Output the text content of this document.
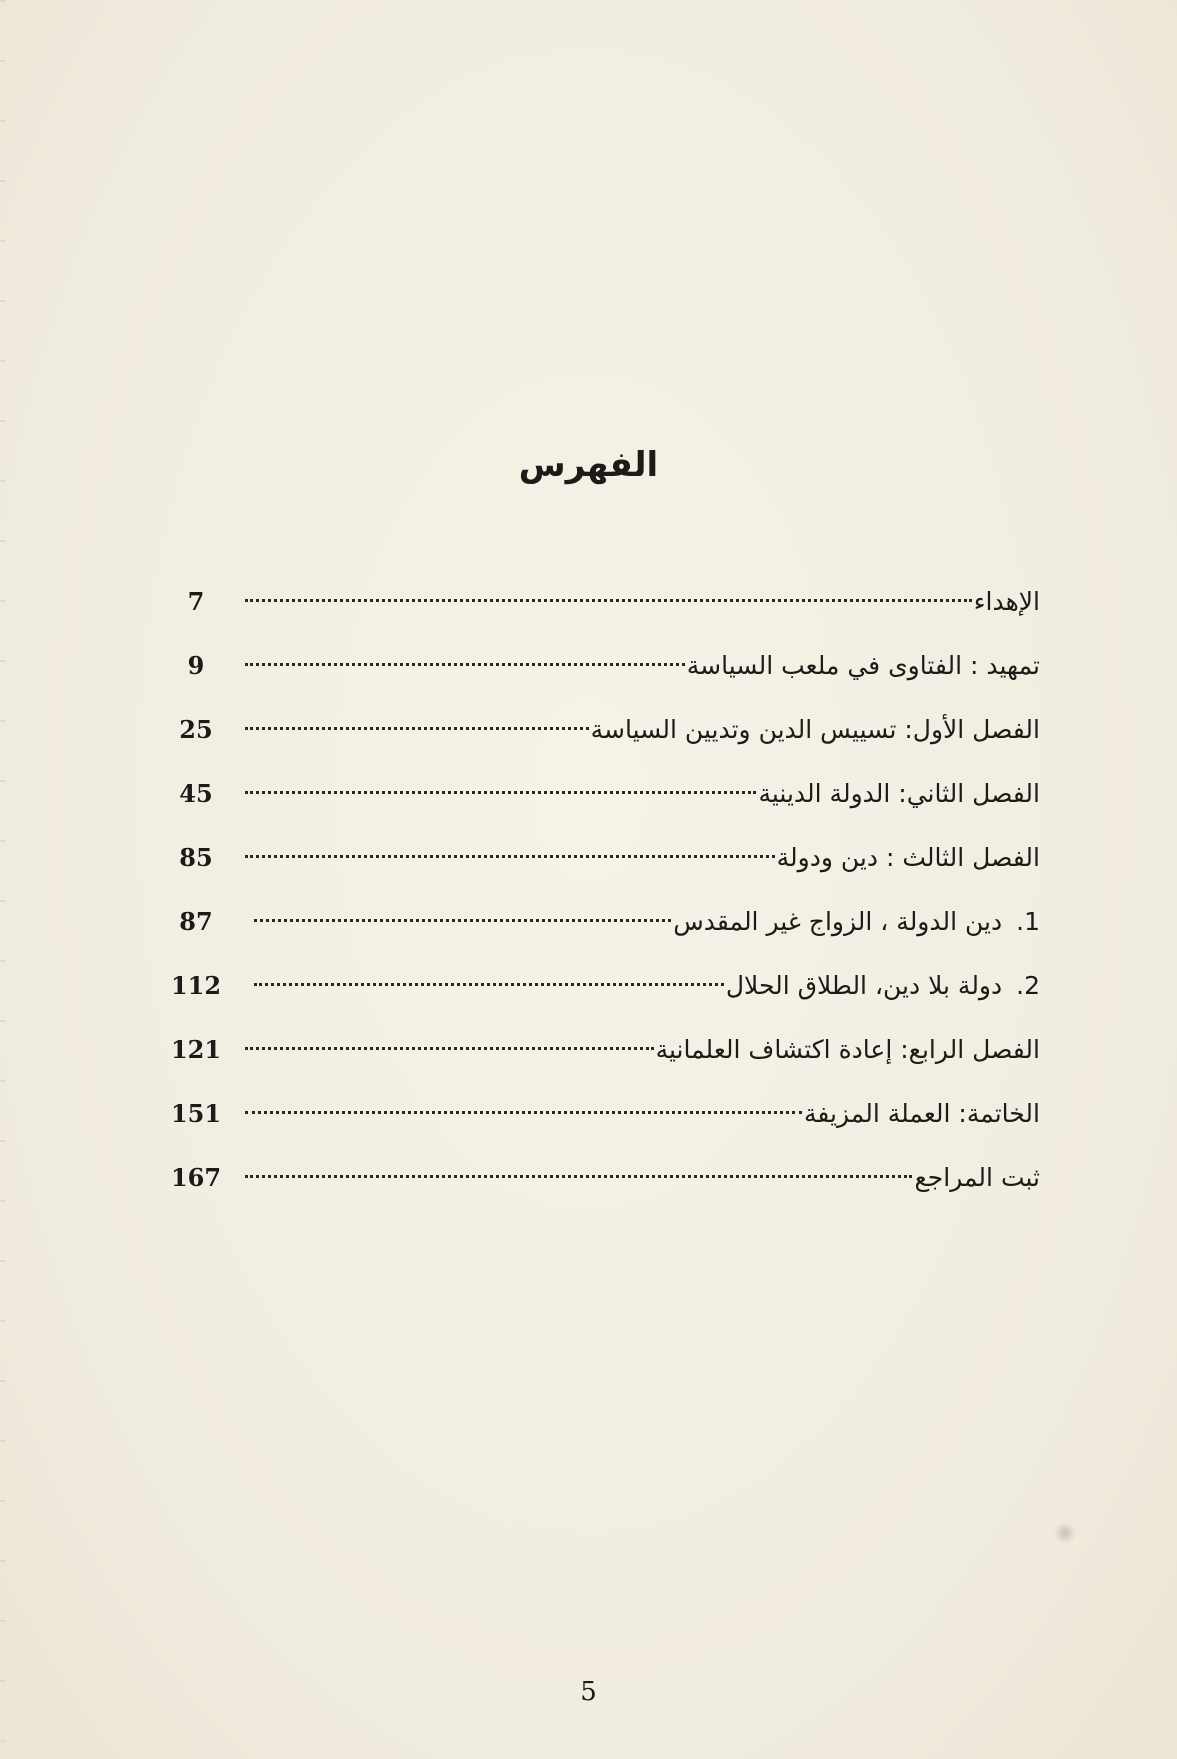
الفهرس
الإهداء
7
تمهيد : الفتاوى في ملعب السياسة
9
الفصل الأول: تسييس الدين وتديين السياسة
25
الفصل الثاني: الدولة الدينية
45
الفصل الثالث : دين ودولة
85
1.
دين الدولة ، الزواج غير المقدس
87
2.
دولة بلا دين، الطلاق الحلال
112
الفصل الرابع: إعادة اكتشاف العلمانية
121
الخاتمة: العملة المزيفة
151
ثبت المراجع
167
5
